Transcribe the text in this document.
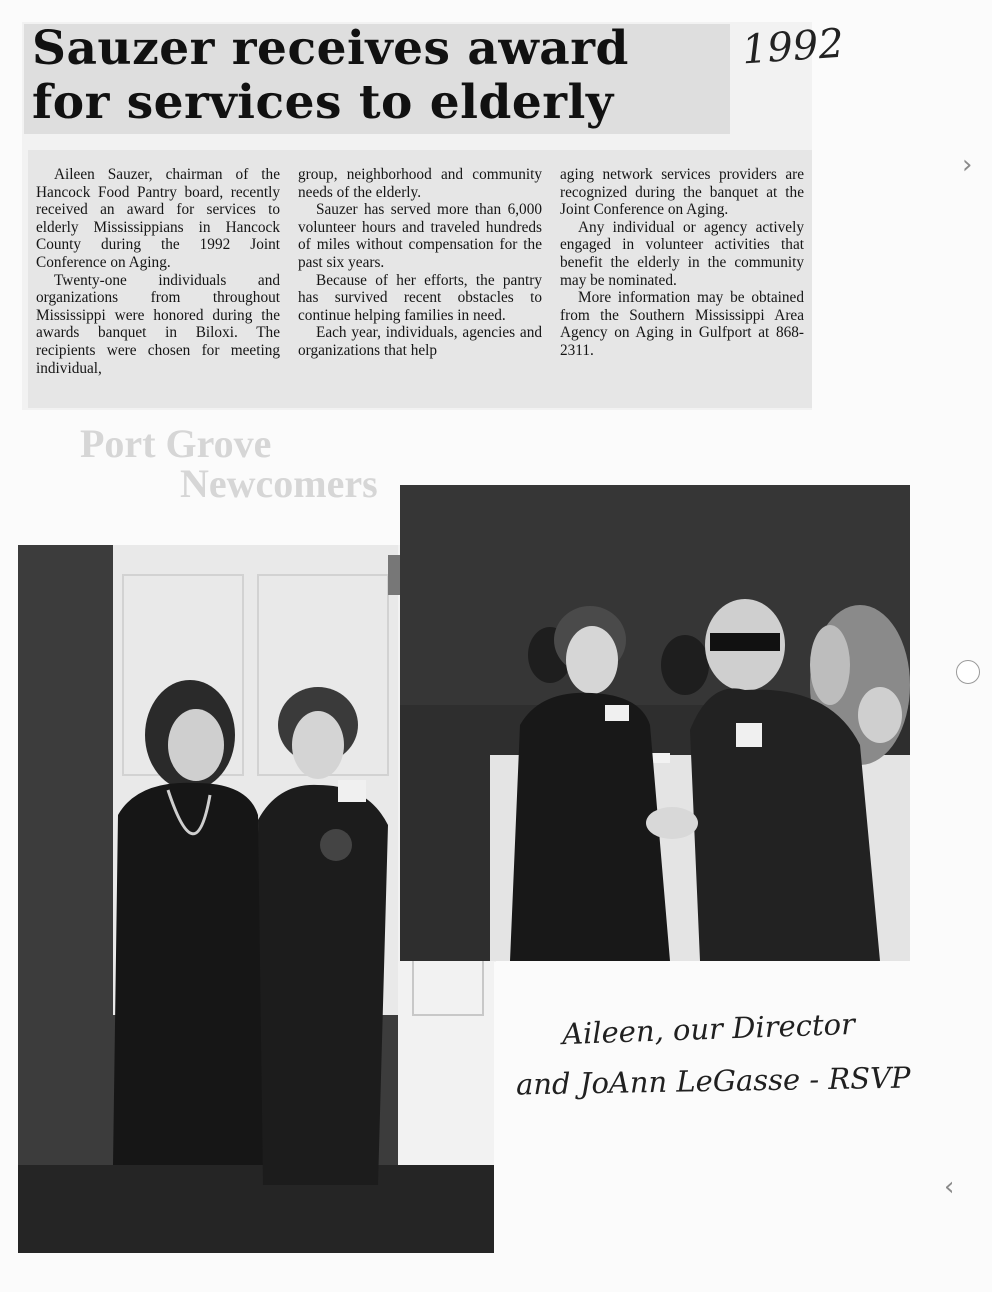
Port Grove
Newcomers
Sauzer receives award
for services to elderly
1992

Aileen Sauzer, chairman of the Hancock Food Pantry board, recently received an award for services to elderly Mississippians in Hancock County during the 1992 Joint Conference on Aging.

Twenty-one individuals and organizations from throughout Mississippi were honored during the awards banquet in Biloxi. The recipients were chosen for meeting individual,

group, neighborhood and community needs of the elderly.

Sauzer has served more than 6,000 volunteer hours and traveled hundreds of miles without compensation for the past six years.

Because of her efforts, the pantry has survived recent obstacles to continue helping families in need.

Each year, individuals, agencies and organizations that help

aging network services providers are recognized during the banquet at the Joint Conference on Aging.

Any individual or agency actively engaged in volunteer activities that benefit the elderly in the community may be nominated.

More information may be obtained from the Southern Mississippi Area Agency on Aging in Gulfport at 868-2311.

Aileen, our Director
and JoAnn LeGasse - RSVP
›
‹
